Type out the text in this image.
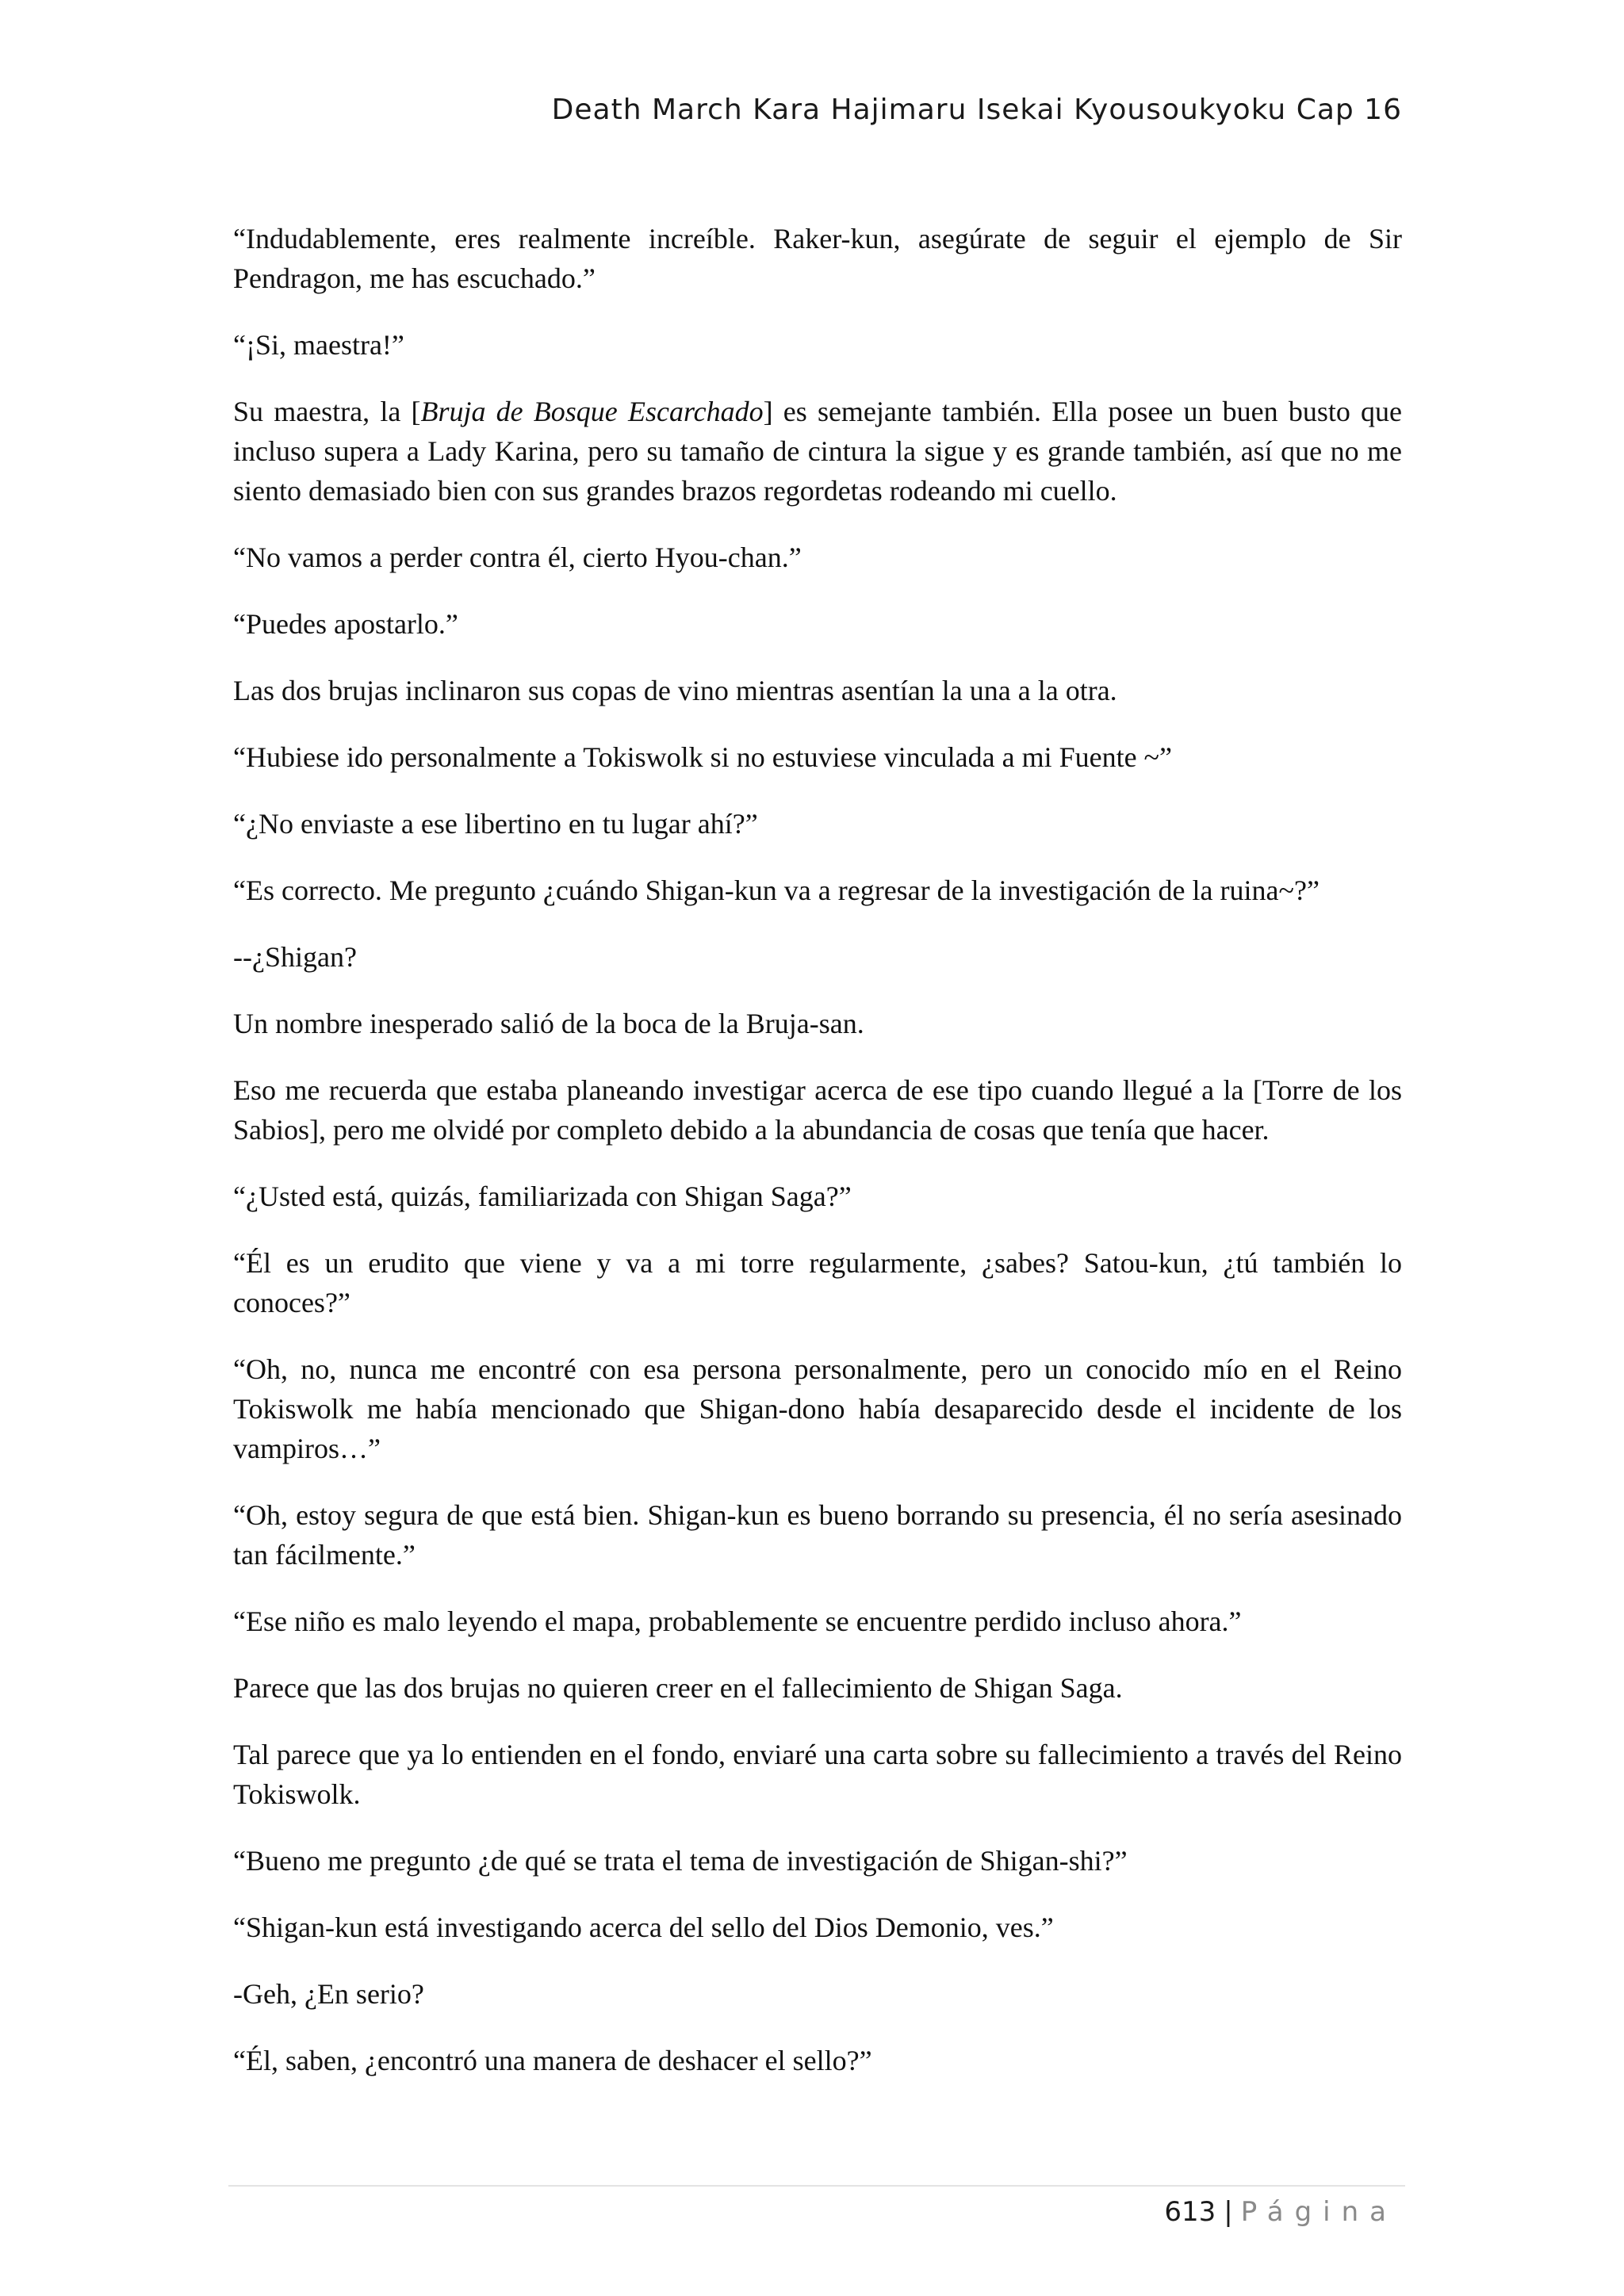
Death March Kara Hajimaru Isekai Kyousoukyoku Cap 16

“Indudablemente, eres realmente increíble. Raker-kun, asegúrate de seguir el ejemplo de Sir Pendragon, me has escuchado.”

“¡Si, maestra!”

Su maestra, la [Bruja de Bosque Escarchado] es semejante también. Ella posee un buen busto que incluso supera a Lady Karina, pero su tamaño de cintura la sigue y es grande también, así que no me siento demasiado bien con sus grandes brazos regordetas rodeando mi cuello.

“No vamos a perder contra él, cierto Hyou-chan.”

“Puedes apostarlo.”

Las dos brujas inclinaron sus copas de vino mientras asentían la una a la otra.

“Hubiese ido personalmente a Tokiswolk si no estuviese vinculada a mi Fuente ~”

“¿No enviaste a ese libertino en tu lugar ahí?”

“Es correcto. Me pregunto ¿cuándo Shigan-kun va a regresar de la investigación de la ruina~?”

--¿Shigan?

Un nombre inesperado salió de la boca de la Bruja-san.

Eso me recuerda que estaba planeando investigar acerca de ese tipo cuando llegué a la [Torre de los Sabios], pero me olvidé por completo debido a la abundancia de cosas que tenía que hacer.

“¿Usted está, quizás, familiarizada con Shigan Saga?”

“Él es un erudito que viene y va a mi torre regularmente, ¿sabes? Satou-kun, ¿tú también lo conoces?”

“Oh, no, nunca me encontré con esa persona personalmente, pero un conocido mío en el Reino Tokiswolk me había mencionado que Shigan-dono había desaparecido desde el incidente de los vampiros…”

“Oh, estoy segura de que está bien. Shigan-kun es bueno borrando su presencia, él no sería asesinado tan fácilmente.”

“Ese niño es malo leyendo el mapa, probablemente se encuentre perdido incluso ahora.”

Parece que las dos brujas no quieren creer en el fallecimiento de Shigan Saga.

Tal parece que ya lo entienden en el fondo, enviaré una carta sobre su fallecimiento a través del Reino Tokiswolk.

“Bueno me pregunto ¿de qué se trata el tema de investigación de Shigan-shi?”

“Shigan-kun está investigando acerca del sello del Dios Demonio, ves.”

-Geh, ¿En serio?

“Él, saben, ¿encontró una manera de deshacer el sello?”

613 | Página
